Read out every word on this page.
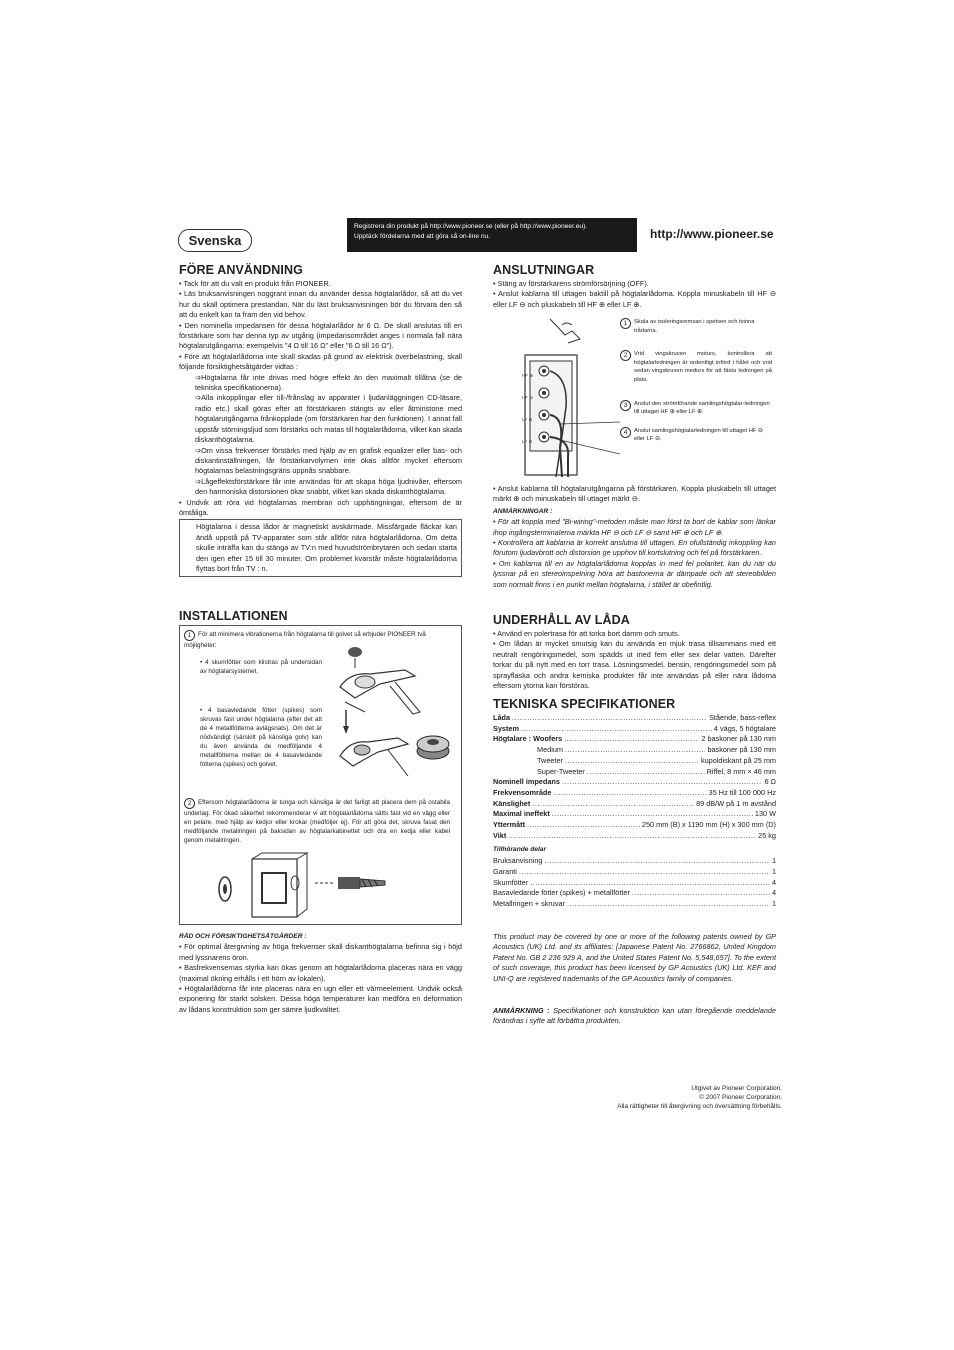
Svenska
Registrera din produkt på http://www.pioneer.se (eller på http://www.pioneer.eu).
Upptäck fördelarna med att göra så on-line nu.	http://www.pioneer.se
FÖRE ANVÄNDNING

• Tack för att du valt en produkt från PIONEER.

• Läs bruksanvisningen noggrant innan du använder dessa högtalarlådor, så att du vet hur du skall optimera prestandan. När du läst bruksanvisningen bör du förvara den så att du enkelt kan ta fram den vid behov.

• Den nominella impedansen för dessa högtalarlådor är 6 Ω. De skall anslutas till en förstärkare som har denna typ av utgång (impedansområdet anges i normala fall nära högtalarutgångarna: exempelvis "4 Ω till 16 Ω" eller "6 Ω till 16 Ω").

• Före att högtalarlådorna inte skall skadas på grund av elektrisk överbelastning, skall följande försiktighetsåtgärder vidtas :

➩Högtalarna får inte drivas med högre effekt än den maximalt tillåtna (se de tekniska specifikationerna).

➩Alla inkopplingar eller till-/frånslag av apparater i ljudanläggningen CD-läsare, radio etc.) skall göras efter att förstärkaren stängts av eller åtminstone med högtalarutgångarna frånkopplade (om förstärkaren har den funktionen). I annat fall uppstår störningsljud som förstärks och matas till högtalarlådorna, vilket kan skada diskanthögtalarna.

➩Om vissa frekvenser förstärks med hjälp av en grafisk equalizer eller bas- och diskantinställningen, får förstärkarvolymen inte ökas alltför mycket eftersom högtalarnas belastningsgräns uppnås snabbare.

➩Lågeffektsförstärkare får inte användas för att skapa höga ljudnivåer, eftersom den harmoniska distorsionen ökar snabbt, vilket kan skada diskanthögtalarna.

• Undvik att röra vid högtalarnas membran och upphängningar, eftersom de är ömtåliga.

Högtalarna i dessa lådor är magnetiskt avskärmade. Missfärgade fläckar kan ändå uppstå på TV-apparater som står alltför nära högtalarlådorna. Om detta skulle inträffa kan du stänga av TV:n med huvudströmbrytaren och sedan starta den igen efter 15 till 30 minuter. Om problemet kvarstår måste högtalarlådorna flyttas bort från TV : n.

INSTALLATIONEN
1 För att minimera vibrationerna från högtalarna till golvet så erbjuder PIONEER två möjligheter:
• 4 skumfötter som klistras på undersidan av högtalarsystemet.
• 4 basavledande fötter (spikes) som skruvas fast under högtalarna (efter det att de 4 metallfötterna avlägsnats). Om det är nödvändigt (särskilt på känsliga golv) kan du även använda de medföljande 4 metallfötterna mellan de 4 basavledande fötterna (spikes) och golvet.
2 Eftersom högtalarlådorna är tunga och känsliga är det farligt att placera dem på ostabila underlag. För ökad säkerhet rekommenderar vi att högtalarlådorna sätts fast vid en vägg eller en pelare, med hjälp av kedjor eller krokar (medföljer ej). För att göra det, skruva fasat den medföljande metallringen på baksidan av högtalarkabinettet och dra en kedja eller kabel genom metallringen.

RÅD OCH FÖRSIKTIGHETSÅTGÄRDER :

• För optimal återgivning av höga frekvenser skall diskanthögtalarna befinna sig i höjd med lyssnarens öron.

• Basfrekvensernas styrka kan ökas genom att högtalarlådorna placeras nära en vägg (maximal ökning erhålls i ett hörn av lokalen).

• Högtalarlådorna får inte placeras nära en ugn eller ett värmeelement. Undvik också exponering för starkt solsken. Dessa höga temperaturer kan medföra en deformation av lådans konstruktion som ger sämre ljudkvalitet.

ANSLUTNINGAR

• Stäng av förstärkarens strömförsörjning (OFF).

• Anslut kablarna till uttagen baktill på högtalarlådorna. Koppla minuskabeln till HF ⊖ eller LF ⊖ och pluskabeln till HF ⊕ eller LF ⊕.

HF ⊕
HF ⊖
LF ⊕
LF ⊖
1	Skala av isoleringsremsan i spetsen och tvinna trådarna.
2	Vrid vingskruven moturs, kontrollera att högtalarledningen är ordentligt införd i hålet och vrid sedan vingskruven medurs för att fästa ledningen på plats.
3	Anslut den strömförande samlingshögtalar-ledningen till uttaget HF ⊕ eller LF ⊕.
4	Anslut samlingshögtalarledningen till uttaget HF ⊖ eller LF ⊖.

• Anslut kablarna till högtalarutgångarna på förstärkaren. Koppla pluskabeln till uttaget märkt ⊕ och minuskabeln till uttaget märkt ⊖.

ANMÄRKNINGAR :

• För att koppla med "Bi-wiring"-metoden måste man först ta bort de kablar som länkar ihop ingångsterminalerna märkta HF ⊖ och LF ⊖ samt HF ⊕ och LF ⊕.

• Kontrollera att kablarna är korrekt anslutna till uttagen. En ofullständig inkoppling kan förutom ljudavbrott och distorsion ge upphov till kortslutning och fel på förstärkaren.

• Om kablarna till en av högtalarlådorna kopplas in med fel polaritet, kan du när du lyssnar på en stereoinspelning höra att bastonerna är dämpade och att stereobilden som normalt finns i en punkt mellan högtalarna, i stället är obefintlig.

UNDERHÅLL AV LÅDA

• Använd en polertrasa för att torka bort damm och smuts.

• Om lådan är mycket smutsig kan du använda en mjuk trasa tillsammans med ett neutralt rengöringsmedel, som spädds ut med fem eller sex delar vatten. Därefter torkar du på nytt med en torr trasa. Lösningsmedel, bensin, rengöringsmedel som på sprayflaska och andra kemiska produkter får inte användas på eller nära lådorna eftersom ytorna kan förstöras.

TEKNISKA SPECIFIKATIONER
Låda .....	Stående, bass-reflex
System .....	4 vägs, 5 högtalare
Högtalare : Woofers .....	2 baskoner på 130 mm
Medium .....	baskoner på 130 mm
Tweeter .....	kupoldiskant på 25 mm
Super-Tweeter .....	Riffel, 8 mm × 46 mm
Nominell impedans .....	6 Ω
Frekvensområde .....	35 Hz till 100 000 Hz
Känslighet .....	89 dB/W på 1 m avstånd
Maximal ineffekt .....	130 W
Yttermått .....	250 mm (B) x 1190 mm (H) x 300 mm (D)
Vikt .....	25 kg
Tillhörande delar
Bruksanvisning .....	1
Garanti .....	1
Skumfötter .....	4
Basavledande fötter (spikes) + metallfötter .....	4
Metallringen + skruvar .....	1
This product may be covered by one or more of the following patents owned by GP Acoustics (UK) Ltd. and its affiliates: [Japanese Patent No. 2766862, United Kingdom Patent No. GB 2 236 929 A, and the United States Patent No. 5,548,657]. To the extent of such coverage, this product has been licensed by GP Acoustics (UK) Ltd. KEF and UNI-Q are registered trademarks of the GP Acoustics family of companies.
ANMÄRKNING : Specifikationer och konstruktion kan utan föregående meddelande förändras i syfte att förbättra produkten.
Utgivet av Pioneer Corporation.
© 2007 Pioneer Corporation.
Alla rättigheter till återgivning och översättning förbehålls.
